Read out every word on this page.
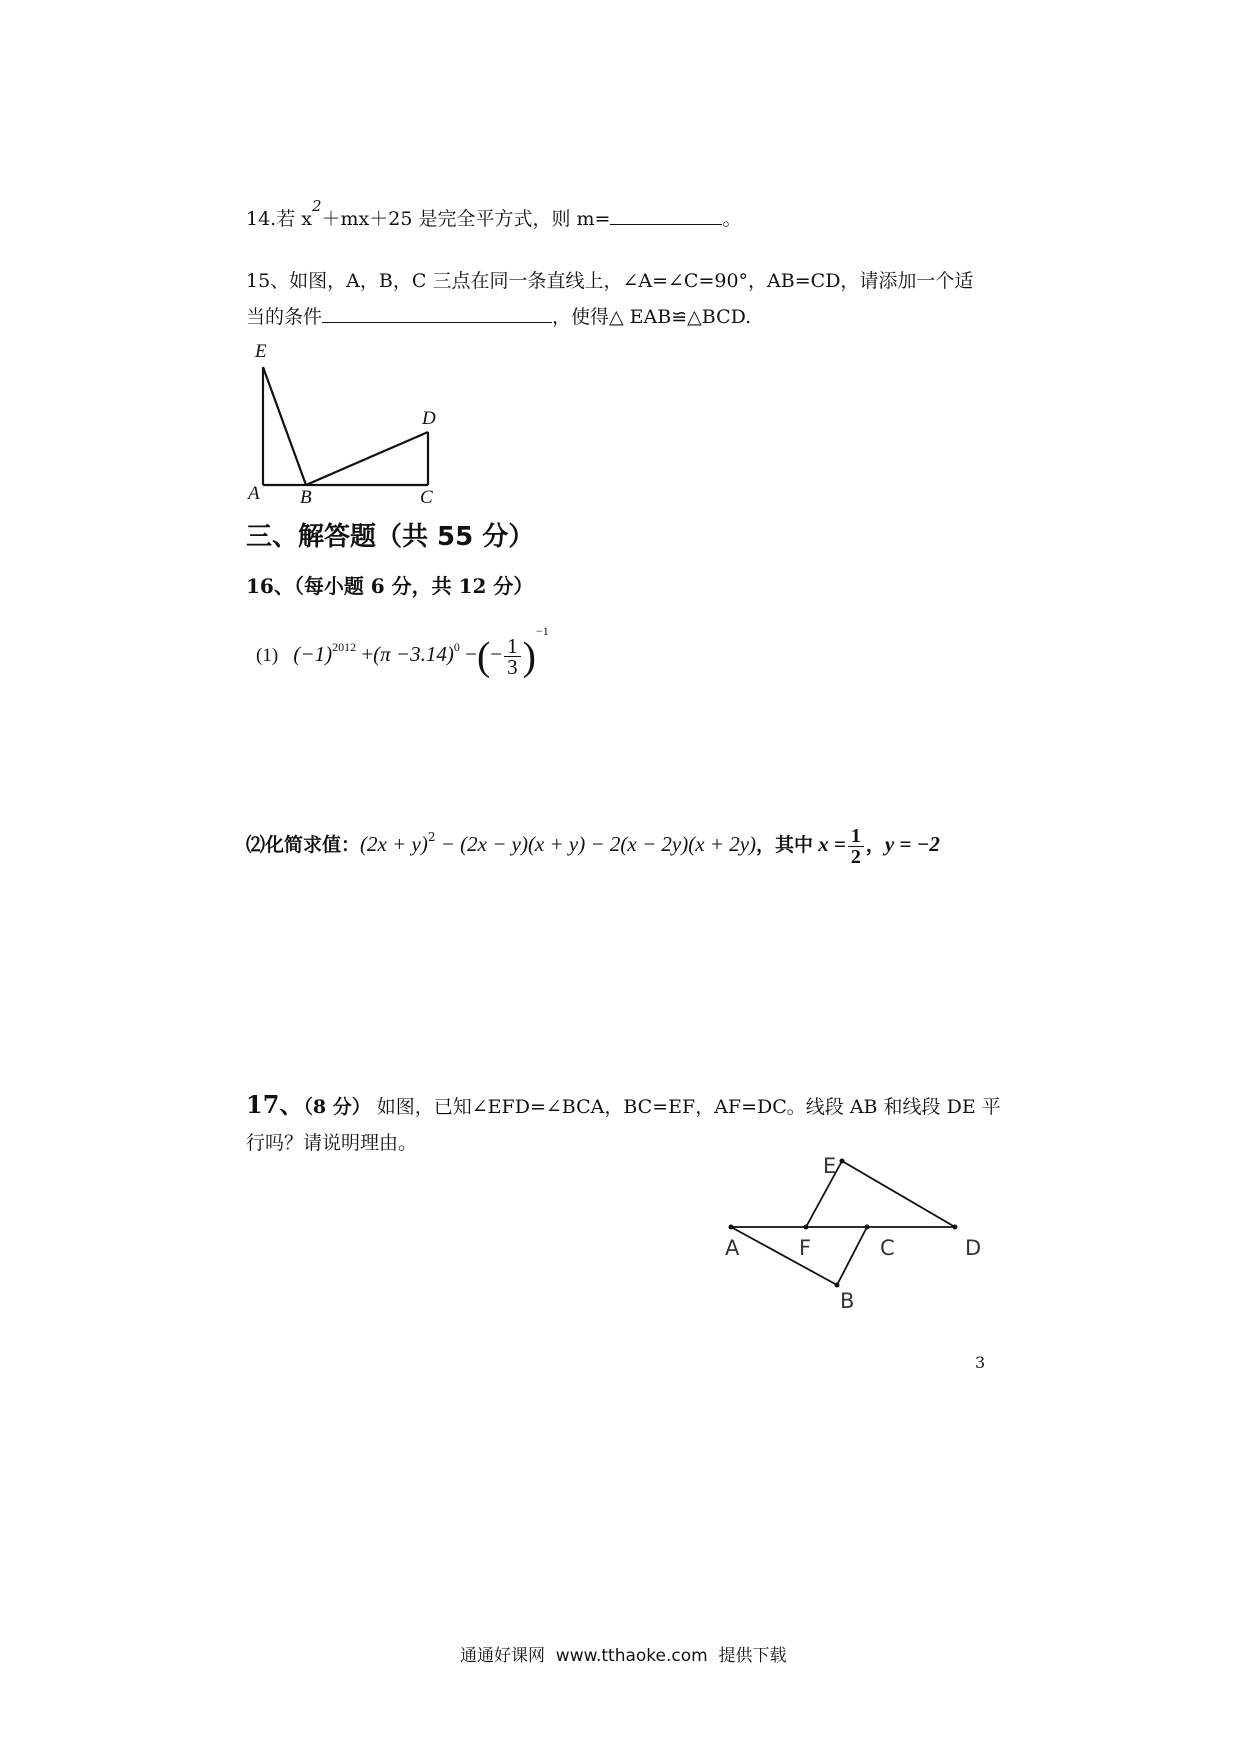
14.若 $x^2+mx+25$ 是完全平方式，则 m=	。
15、如图，A，B，C 三点在同一条直线上，∠A=∠C=90°，AB=CD，请添加一个适
当的条件	，使得△ EAB≌△BCD.
E
D
A B	C
三、解答题（共 55 分）
16、（每小题 6 分，共 12 分）
(1) $(-1)^{2012} +(\pi -3.14)^0$ −(− $\frac{1}{3} )^{-1}$
⑵化简求值：$(2x + y)^2 - (2x - y)(x + y) - 2(x - 2y)(x + 2y)$，其中 $x = \frac{1}{2}$ ，y = −2
17、（8 分） 如图，已知∠EFD=∠BCA，BC=EF，AF=DC。线段 AB 和线段 DE 平
行吗？请说明理由。
E
A	F	C	D
B
3
通通好课网  www.tthaoke.com  提供下载
